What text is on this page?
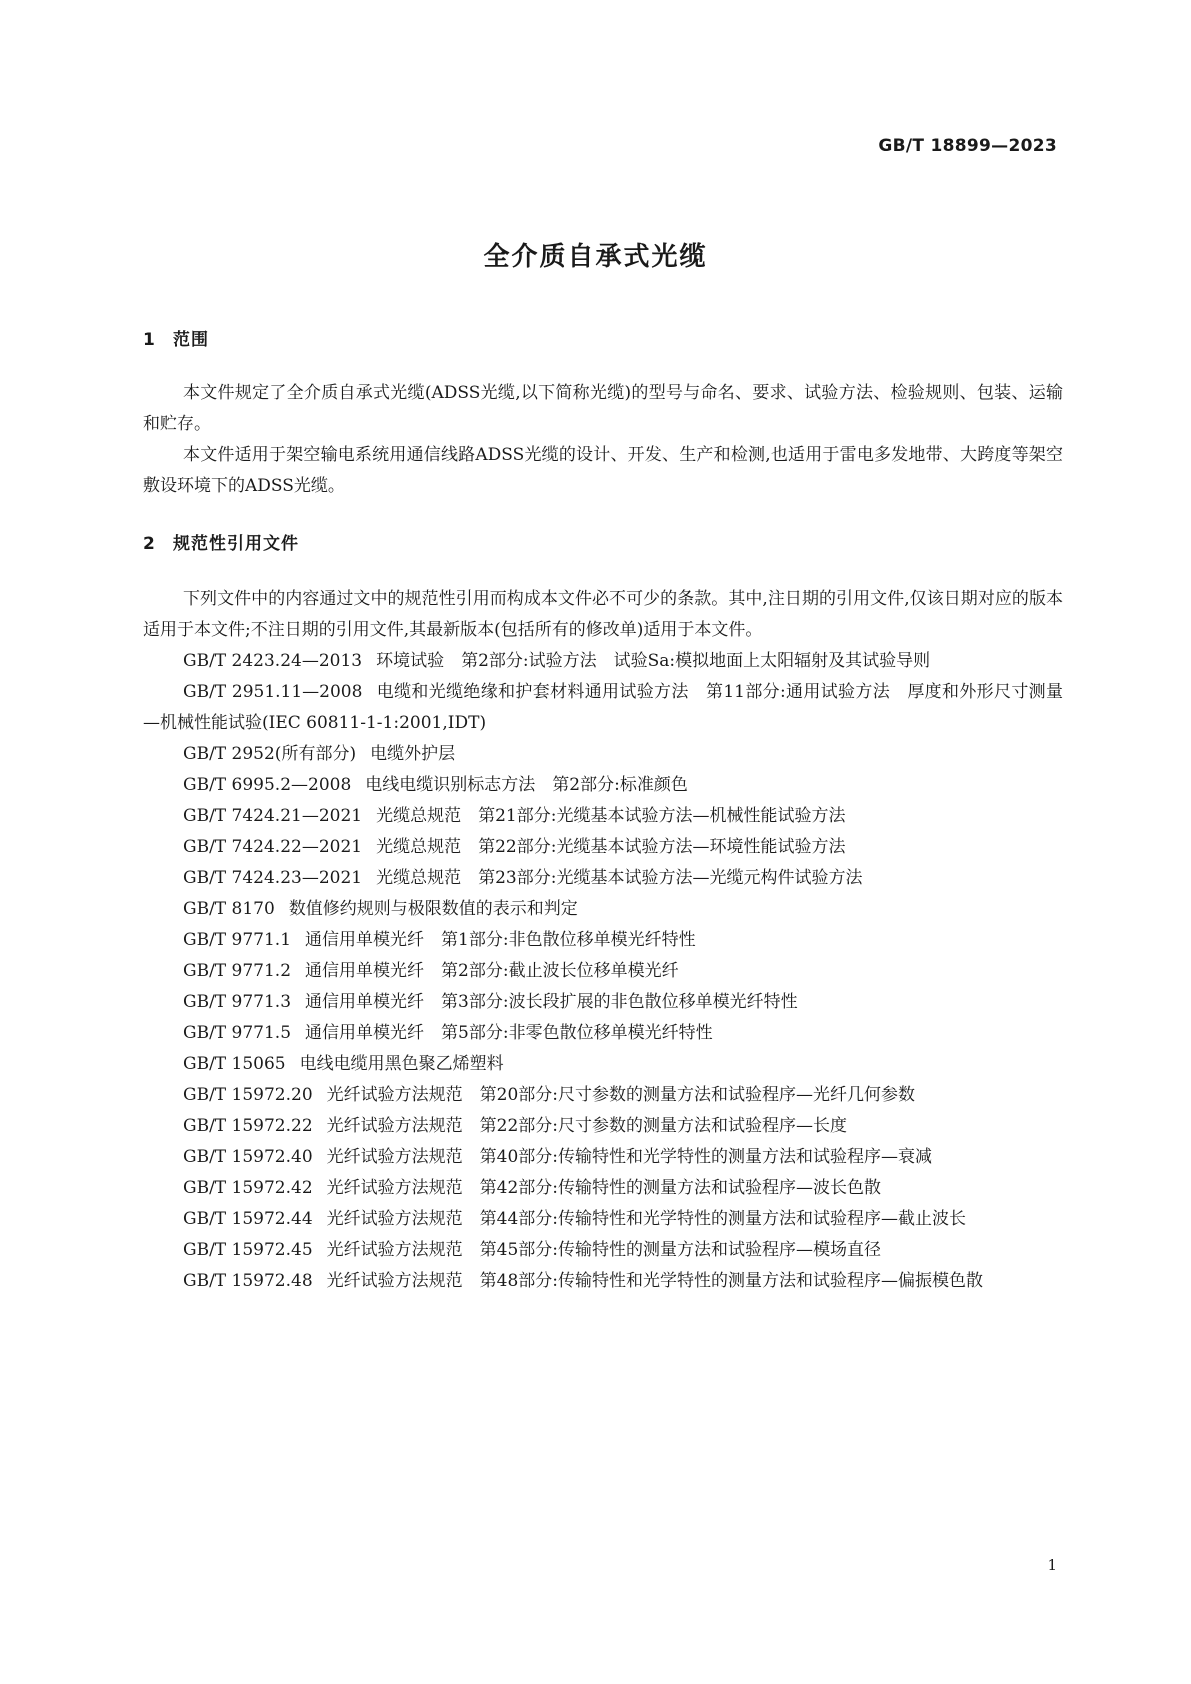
GB/T 18899—2023
全介质自承式光缆
1 范围

本文件规定了全介质自承式光缆(ADSS光缆,以下简称光缆)的型号与命名、要求、试验方法、检验规则、包装、运输和贮存。

本文件适用于架空输电系统用通信线路ADSS光缆的设计、开发、生产和检测,也适用于雷电多发地带、大跨度等架空敷设环境下的ADSS光缆。

2 规范性引用文件

下列文件中的内容通过文中的规范性引用而构成本文件必不可少的条款。其中,注日期的引用文件,仅该日期对应的版本适用于本文件;不注日期的引用文件,其最新版本(包括所有的修改单)适用于本文件。

GB/T 2423.24—2013 环境试验　第2部分:试验方法　试验Sa:模拟地面上太阳辐射及其试验导则
GB/T 2951.11—2008 电缆和光缆绝缘和护套材料通用试验方法　第11部分:通用试验方法　厚度和外形尺寸测量—机械性能试验(IEC 60811-1-1:2001,IDT)
GB/T 2952(所有部分) 电缆外护层
GB/T 6995.2—2008 电线电缆识别标志方法　第2部分:标准颜色
GB/T 7424.21—2021 光缆总规范　第21部分:光缆基本试验方法—机械性能试验方法
GB/T 7424.22—2021 光缆总规范　第22部分:光缆基本试验方法—环境性能试验方法
GB/T 7424.23—2021 光缆总规范　第23部分:光缆基本试验方法—光缆元构件试验方法
GB/T 8170 数值修约规则与极限数值的表示和判定
GB/T 9771.1 通信用单模光纤　第1部分:非色散位移单模光纤特性
GB/T 9771.2 通信用单模光纤　第2部分:截止波长位移单模光纤
GB/T 9771.3 通信用单模光纤　第3部分:波长段扩展的非色散位移单模光纤特性
GB/T 9771.5 通信用单模光纤　第5部分:非零色散位移单模光纤特性
GB/T 15065 电线电缆用黑色聚乙烯塑料
GB/T 15972.20 光纤试验方法规范　第20部分:尺寸参数的测量方法和试验程序—光纤几何参数
GB/T 15972.22 光纤试验方法规范　第22部分:尺寸参数的测量方法和试验程序—长度
GB/T 15972.40 光纤试验方法规范　第40部分:传输特性和光学特性的测量方法和试验程序—衰减
GB/T 15972.42 光纤试验方法规范　第42部分:传输特性的测量方法和试验程序—波长色散
GB/T 15972.44 光纤试验方法规范　第44部分:传输特性和光学特性的测量方法和试验程序—截止波长
GB/T 15972.45 光纤试验方法规范　第45部分:传输特性的测量方法和试验程序—模场直径
GB/T 15972.48 光纤试验方法规范　第48部分:传输特性和光学特性的测量方法和试验程序—偏振模色散
1
